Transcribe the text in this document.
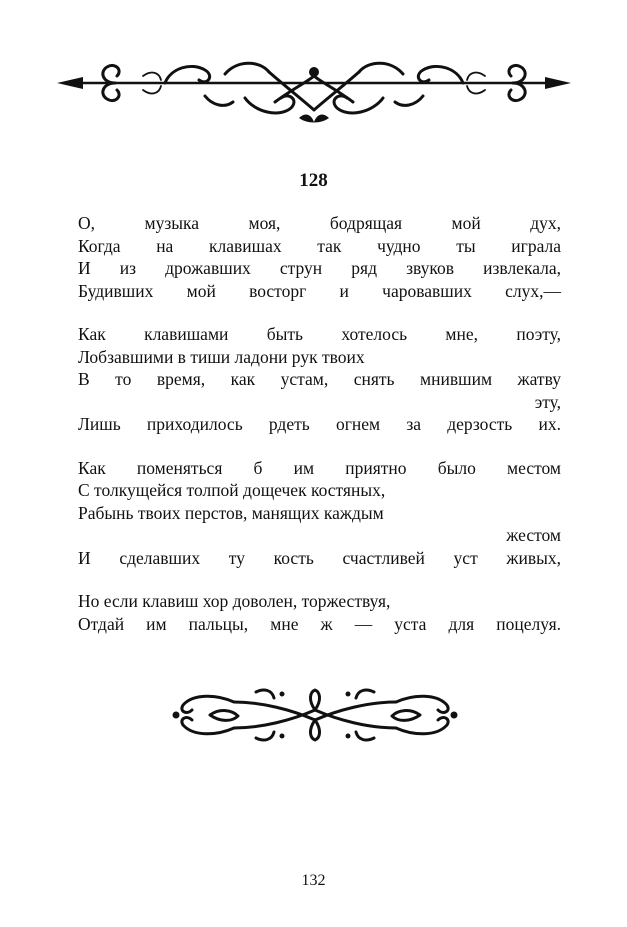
128
О, музыка моя, бодрящая мой дух,
Когда на клавишах так чудно ты играла
И из дрожавших струн ряд звуков извлекала,
Будивших мой восторг и чаровавших слух,—
Как клавишами быть хотелось мне, поэту,
Лобзавшими в тиши ладони рук твоих
В то время, как устам, снять мнившим жатву
эту,
Лишь приходилось рдеть огнем за дерзость их.
Как поменяться б им приятно было местом
С толкущейся толпой дощечек костяных,
Рабынь твоих перстов, манящих каждым
жестом
И сделавших ту кость счастливей уст живых,
Но если клавиш хор доволен, торжествуя,
Отдай им пальцы, мне ж — уста для поцелуя.
132
